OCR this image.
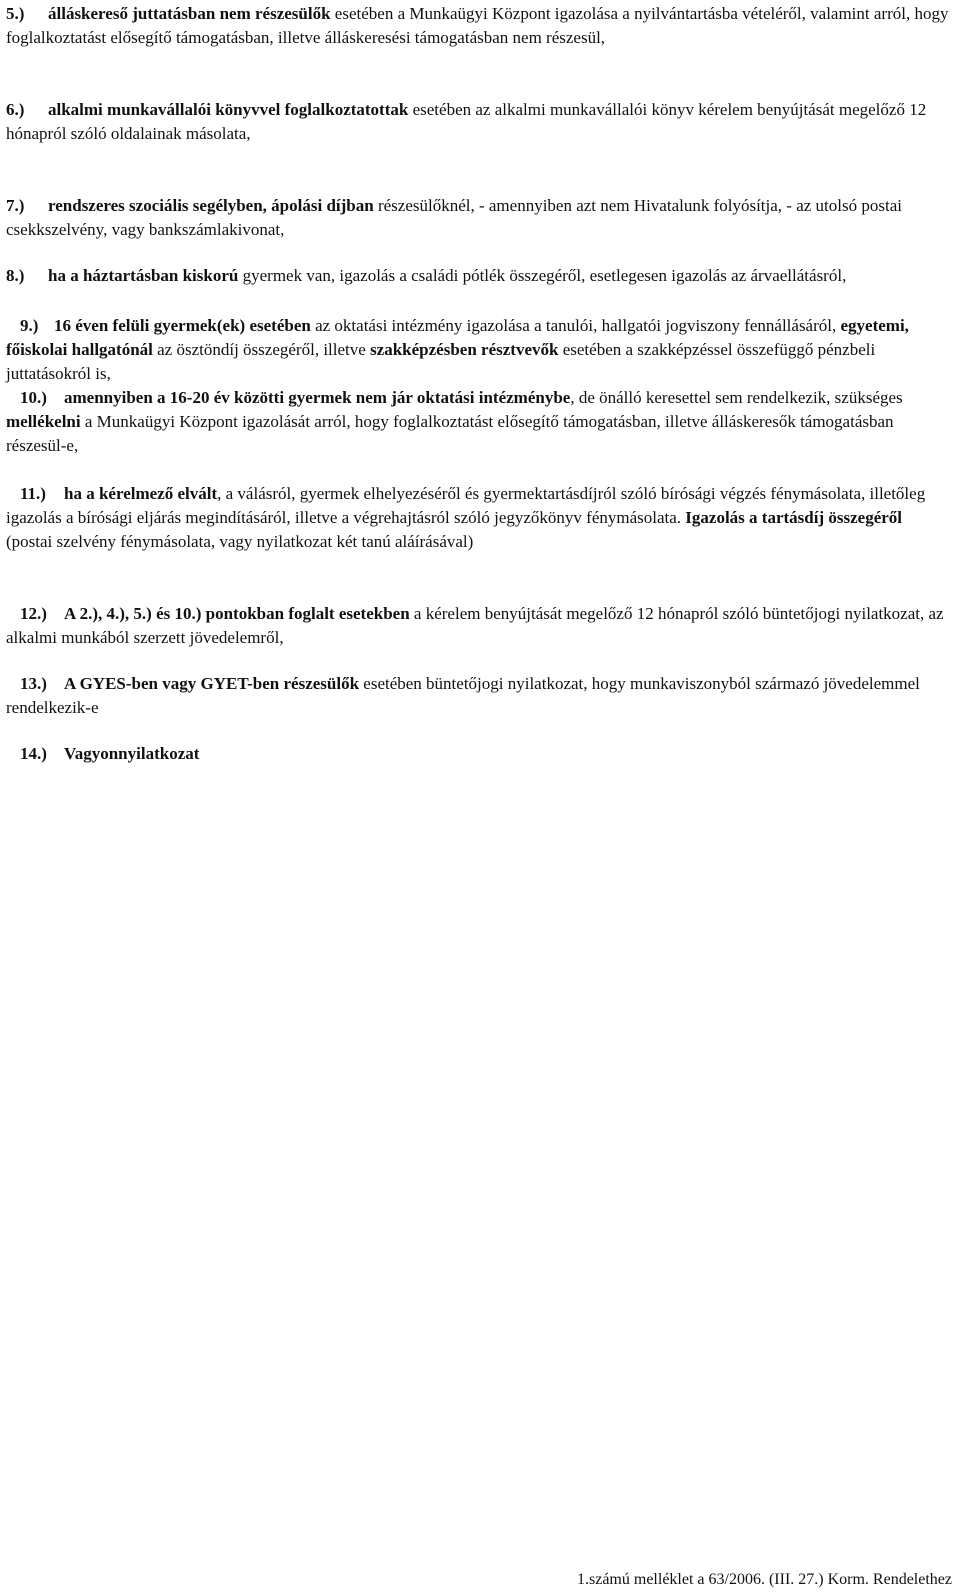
5.) álláskereső juttatásban nem részesülők esetében a Munkaügyi Központ igazolása a nyilvántartásba vételéről, valamint arról, hogy foglalkoztatást elősegítő támogatásban, illetve álláskeresési támogatásban nem részesül,
6.) alkalmi munkavállalói könyvvel foglalkoztatottak esetében az alkalmi munkavállalói könyv kérelem benyújtását megelőző 12 hónapról szóló oldalainak másolata,
7.) rendszeres szociális segélyben, ápolási díjban részesülőknél, - amennyiben azt nem Hivatalunk folyósítja, - az utolsó postai csekkszelvény, vagy bankszámlakivonat,
8.) ha a háztartásban kiskorú gyermek van, igazolás a családi pótlék összegéről, esetlegesen igazolás az árvaellátásról,
9.) 16 éven felüli gyermek(ek) esetében az oktatási intézmény igazolása a tanulói, hallgatói jogviszony fennállásáról, egyetemi, főiskolai hallgatónál az ösztöndíj összegéről, illetve szakképzésben résztvevők esetében a szakképzéssel összefüggő pénzbeli juttatásokról is,
10.) amennyiben a 16-20 év közötti gyermek nem jár oktatási intézménybe, de önálló keresettel sem rendelkezik, szükséges mellékelni a Munkaügyi Központ igazolását arról, hogy foglalkoztatást elősegítő támogatásban, illetve álláskeresők támogatásban részesül-e,
11.) ha a kérelmező elvált, a válásról, gyermek elhelyezéséről és gyermektartásdíjról szóló bírósági végzés fénymásolata, illetőleg igazolás a bírósági eljárás megindításáról, illetve a végrehajtásról szóló jegyzőkönyv fénymásolata. Igazolás a tartásdíj összegéről (postai szelvény fénymásolata, vagy nyilatkozat két tanú aláírásával)
12.) A 2.), 4.), 5.) és 10.) pontokban foglalt esetekben a kérelem benyújtását megelőző 12 hónapról szóló büntetőjogi nyilatkozat, az alkalmi munkából szerzett jövedelemről,
13.) A GYES-ben vagy GYET-ben részesülők esetében büntetőjogi nyilatkozat, hogy munkaviszonyból származó jövedelemmel rendelkezik-e
14.) Vagyonnyilatkozat
1.számú melléklet a 63/2006. (III. 27.) Korm. Rendelethez
